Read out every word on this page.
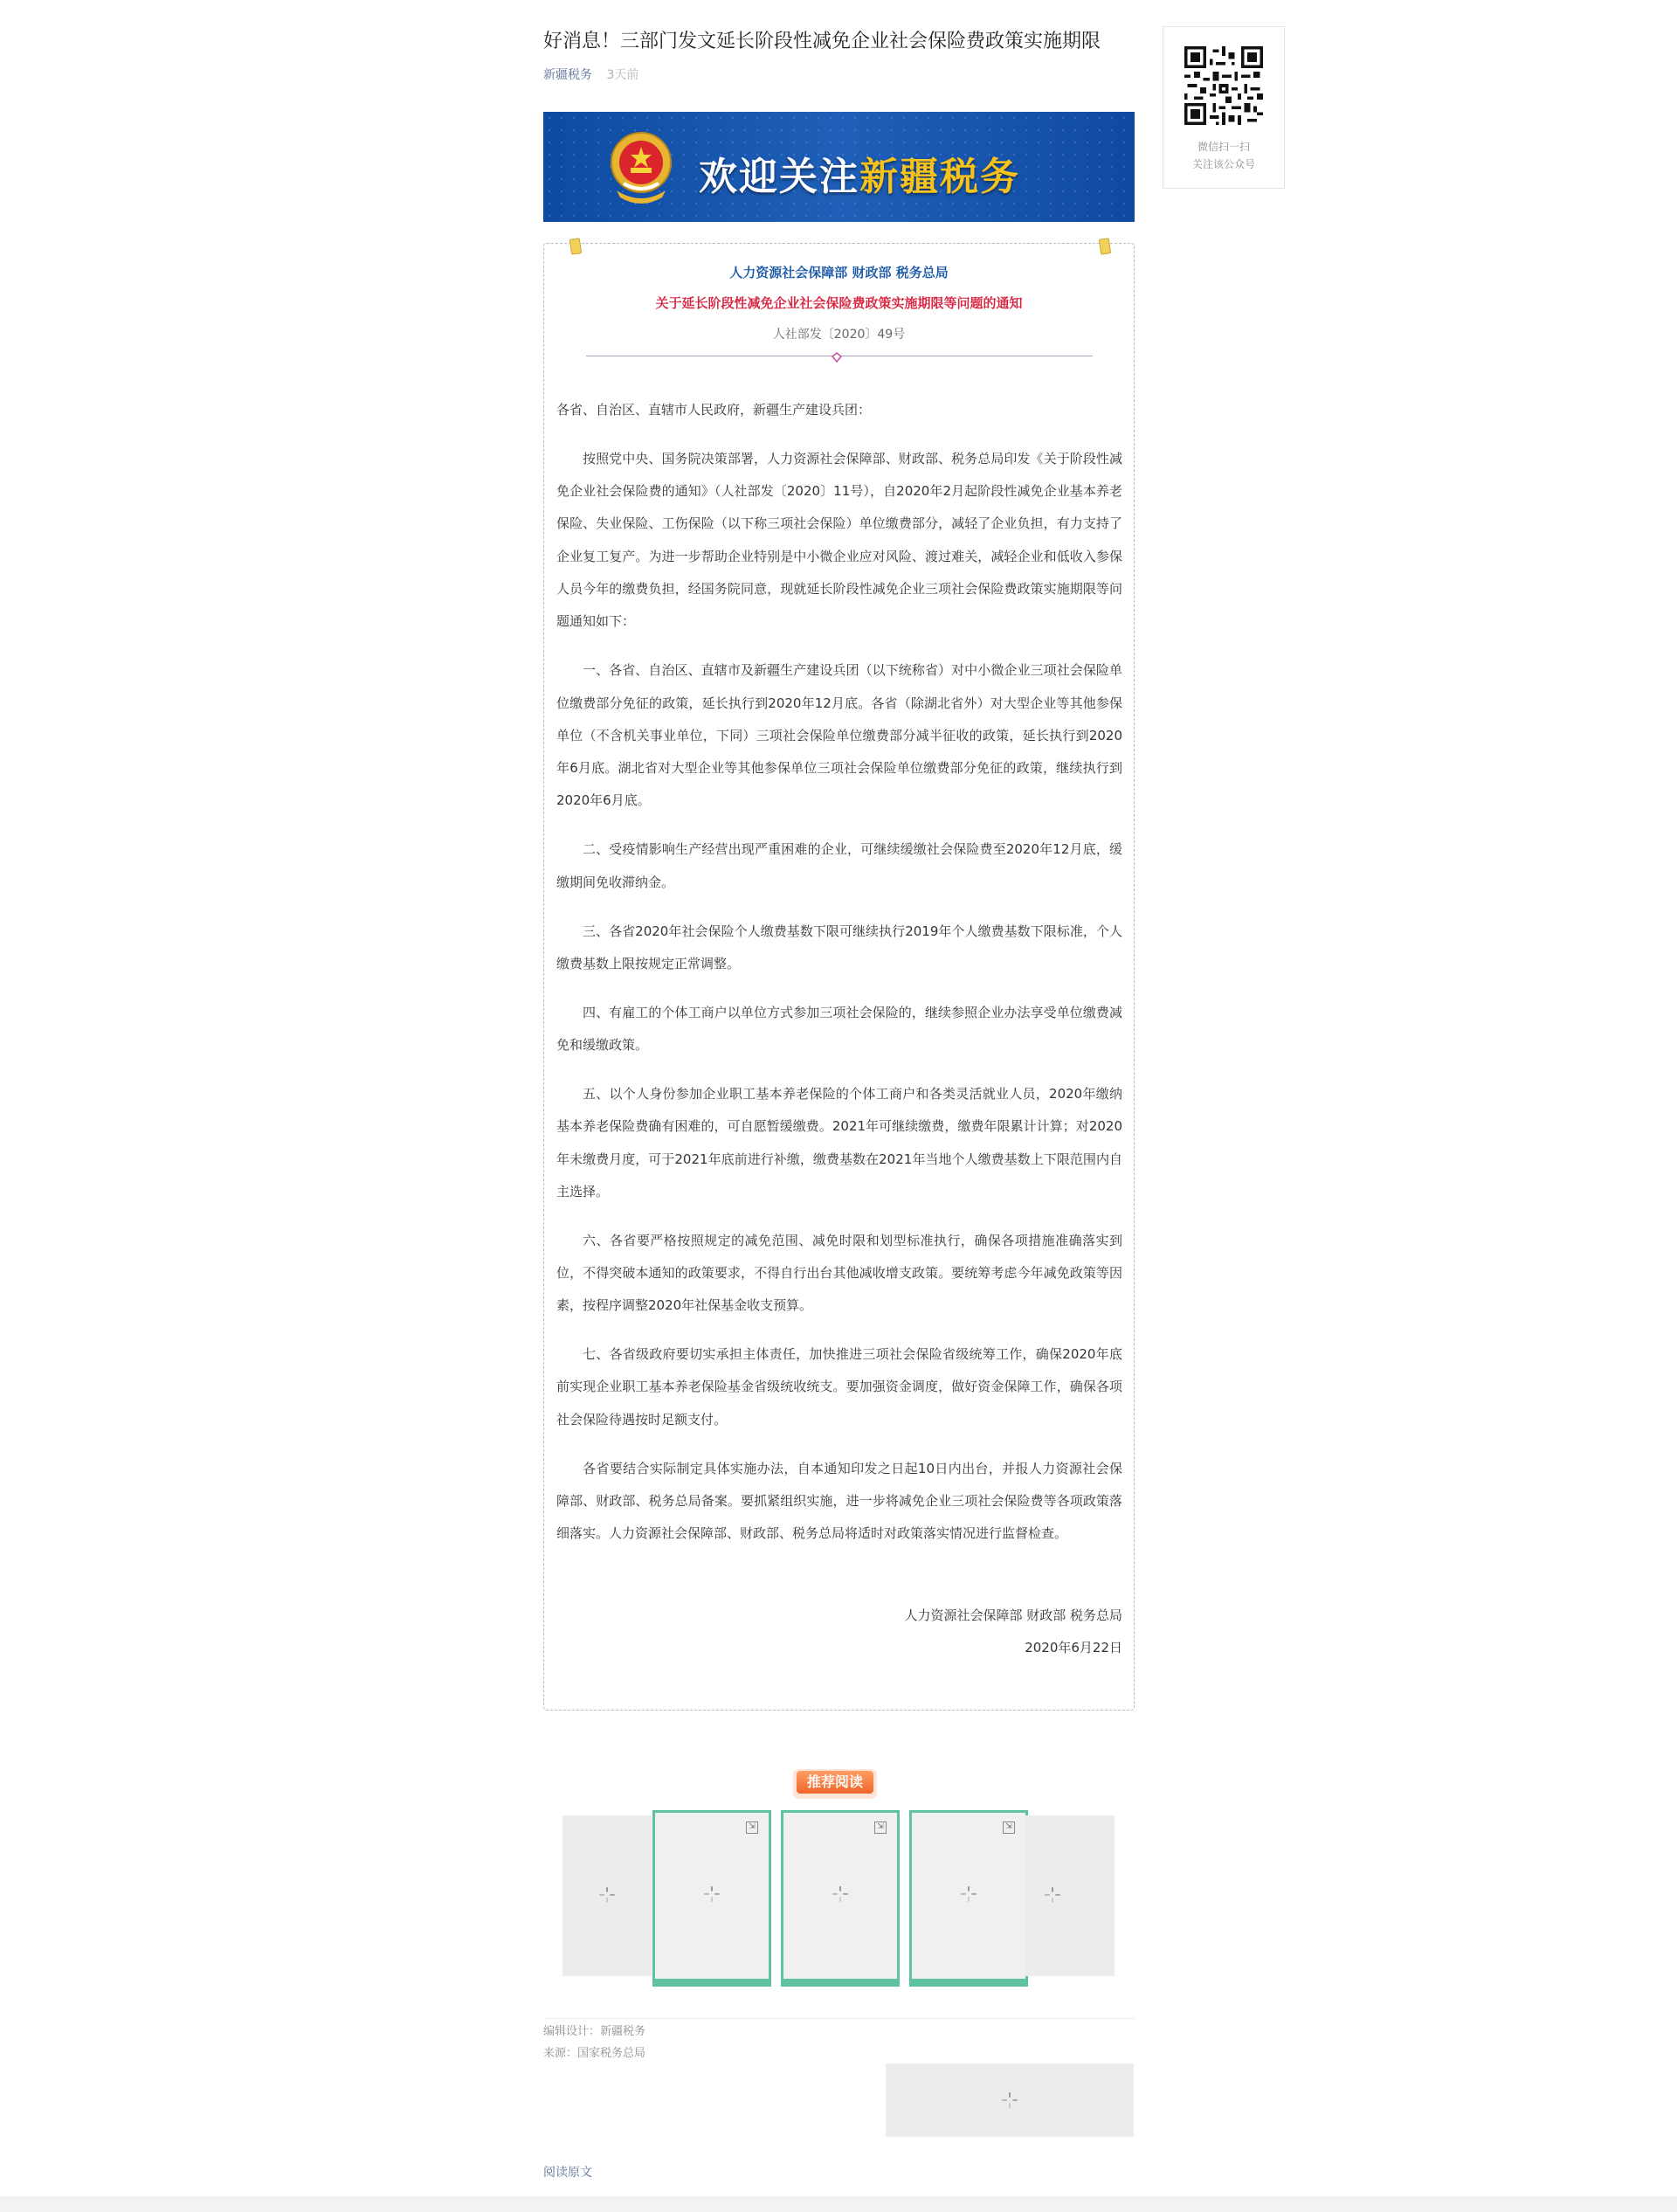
好消息！三部门发文延长阶段性减免企业社会保险费政策实施期限
新疆税务 3天前
欢迎关注新疆税务
人力资源社会保障部 财政部 税务总局
关于延长阶段性减免企业社会保险费政策实施期限等问题的通知
人社部发〔2020〕49号

各省、自治区、直辖市人民政府，新疆生产建设兵团：

按照党中央、国务院决策部署，人力资源社会保障部、财政部、税务总局印发《关于阶段性减免企业社会保险费的通知》（人社部发〔2020〕11号），自2020年2月起阶段性减免企业基本养老保险、失业保险、工伤保险（以下称三项社会保险）单位缴费部分，减轻了企业负担，有力支持了企业复工复产。为进一步帮助企业特别是中小微企业应对风险、渡过难关，减轻企业和低收入参保人员今年的缴费负担，经国务院同意，现就延长阶段性减免企业三项社会保险费政策实施期限等问题通知如下：

一、各省、自治区、直辖市及新疆生产建设兵团（以下统称省）对中小微企业三项社会保险单位缴费部分免征的政策，延长执行到2020年12月底。各省（除湖北省外）对大型企业等其他参保单位（不含机关事业单位，下同）三项社会保险单位缴费部分减半征收的政策，延长执行到2020年6月底。湖北省对大型企业等其他参保单位三项社会保险单位缴费部分免征的政策，继续执行到2020年6月底。

二、受疫情影响生产经营出现严重困难的企业，可继续缓缴社会保险费至2020年12月底，缓缴期间免收滞纳金。

三、各省2020年社会保险个人缴费基数下限可继续执行2019年个人缴费基数下限标准，个人缴费基数上限按规定正常调整。

四、有雇工的个体工商户以单位方式参加三项社会保险的，继续参照企业办法享受单位缴费减免和缓缴政策。

五、以个人身份参加企业职工基本养老保险的个体工商户和各类灵活就业人员，2020年缴纳基本养老保险费确有困难的，可自愿暂缓缴费。2021年可继续缴费，缴费年限累计计算；对2020年未缴费月度，可于2021年底前进行补缴，缴费基数在2021年当地个人缴费基数上下限范围内自主选择。

六、各省要严格按照规定的减免范围、减免时限和划型标准执行，确保各项措施准确落实到位，不得突破本通知的政策要求，不得自行出台其他减收增支政策。要统筹考虑今年减免政策等因素，按程序调整2020年社保基金收支预算。

七、各省级政府要切实承担主体责任，加快推进三项社会保险省级统筹工作，确保2020年底前实现企业职工基本养老保险基金省级统收统支。要加强资金调度，做好资金保障工作，确保各项社会保险待遇按时足额支付。

各省要结合实际制定具体实施办法，自本通知印发之日起10日内出台，并报人力资源社会保障部、财政部、税务总局备案。要抓紧组织实施，进一步将减免企业三项社会保险费等各项政策落细落实。人力资源社会保障部、财政部、税务总局将适时对政策落实情况进行监督检查。

人力资源社会保障部 财政部 税务总局

2020年6月22日

推荐阅读
⇲	⇲	⇲
编辑设计：新疆税务
来源：国家税务总局
阅读原文
微信扫一扫
关注该公众号
